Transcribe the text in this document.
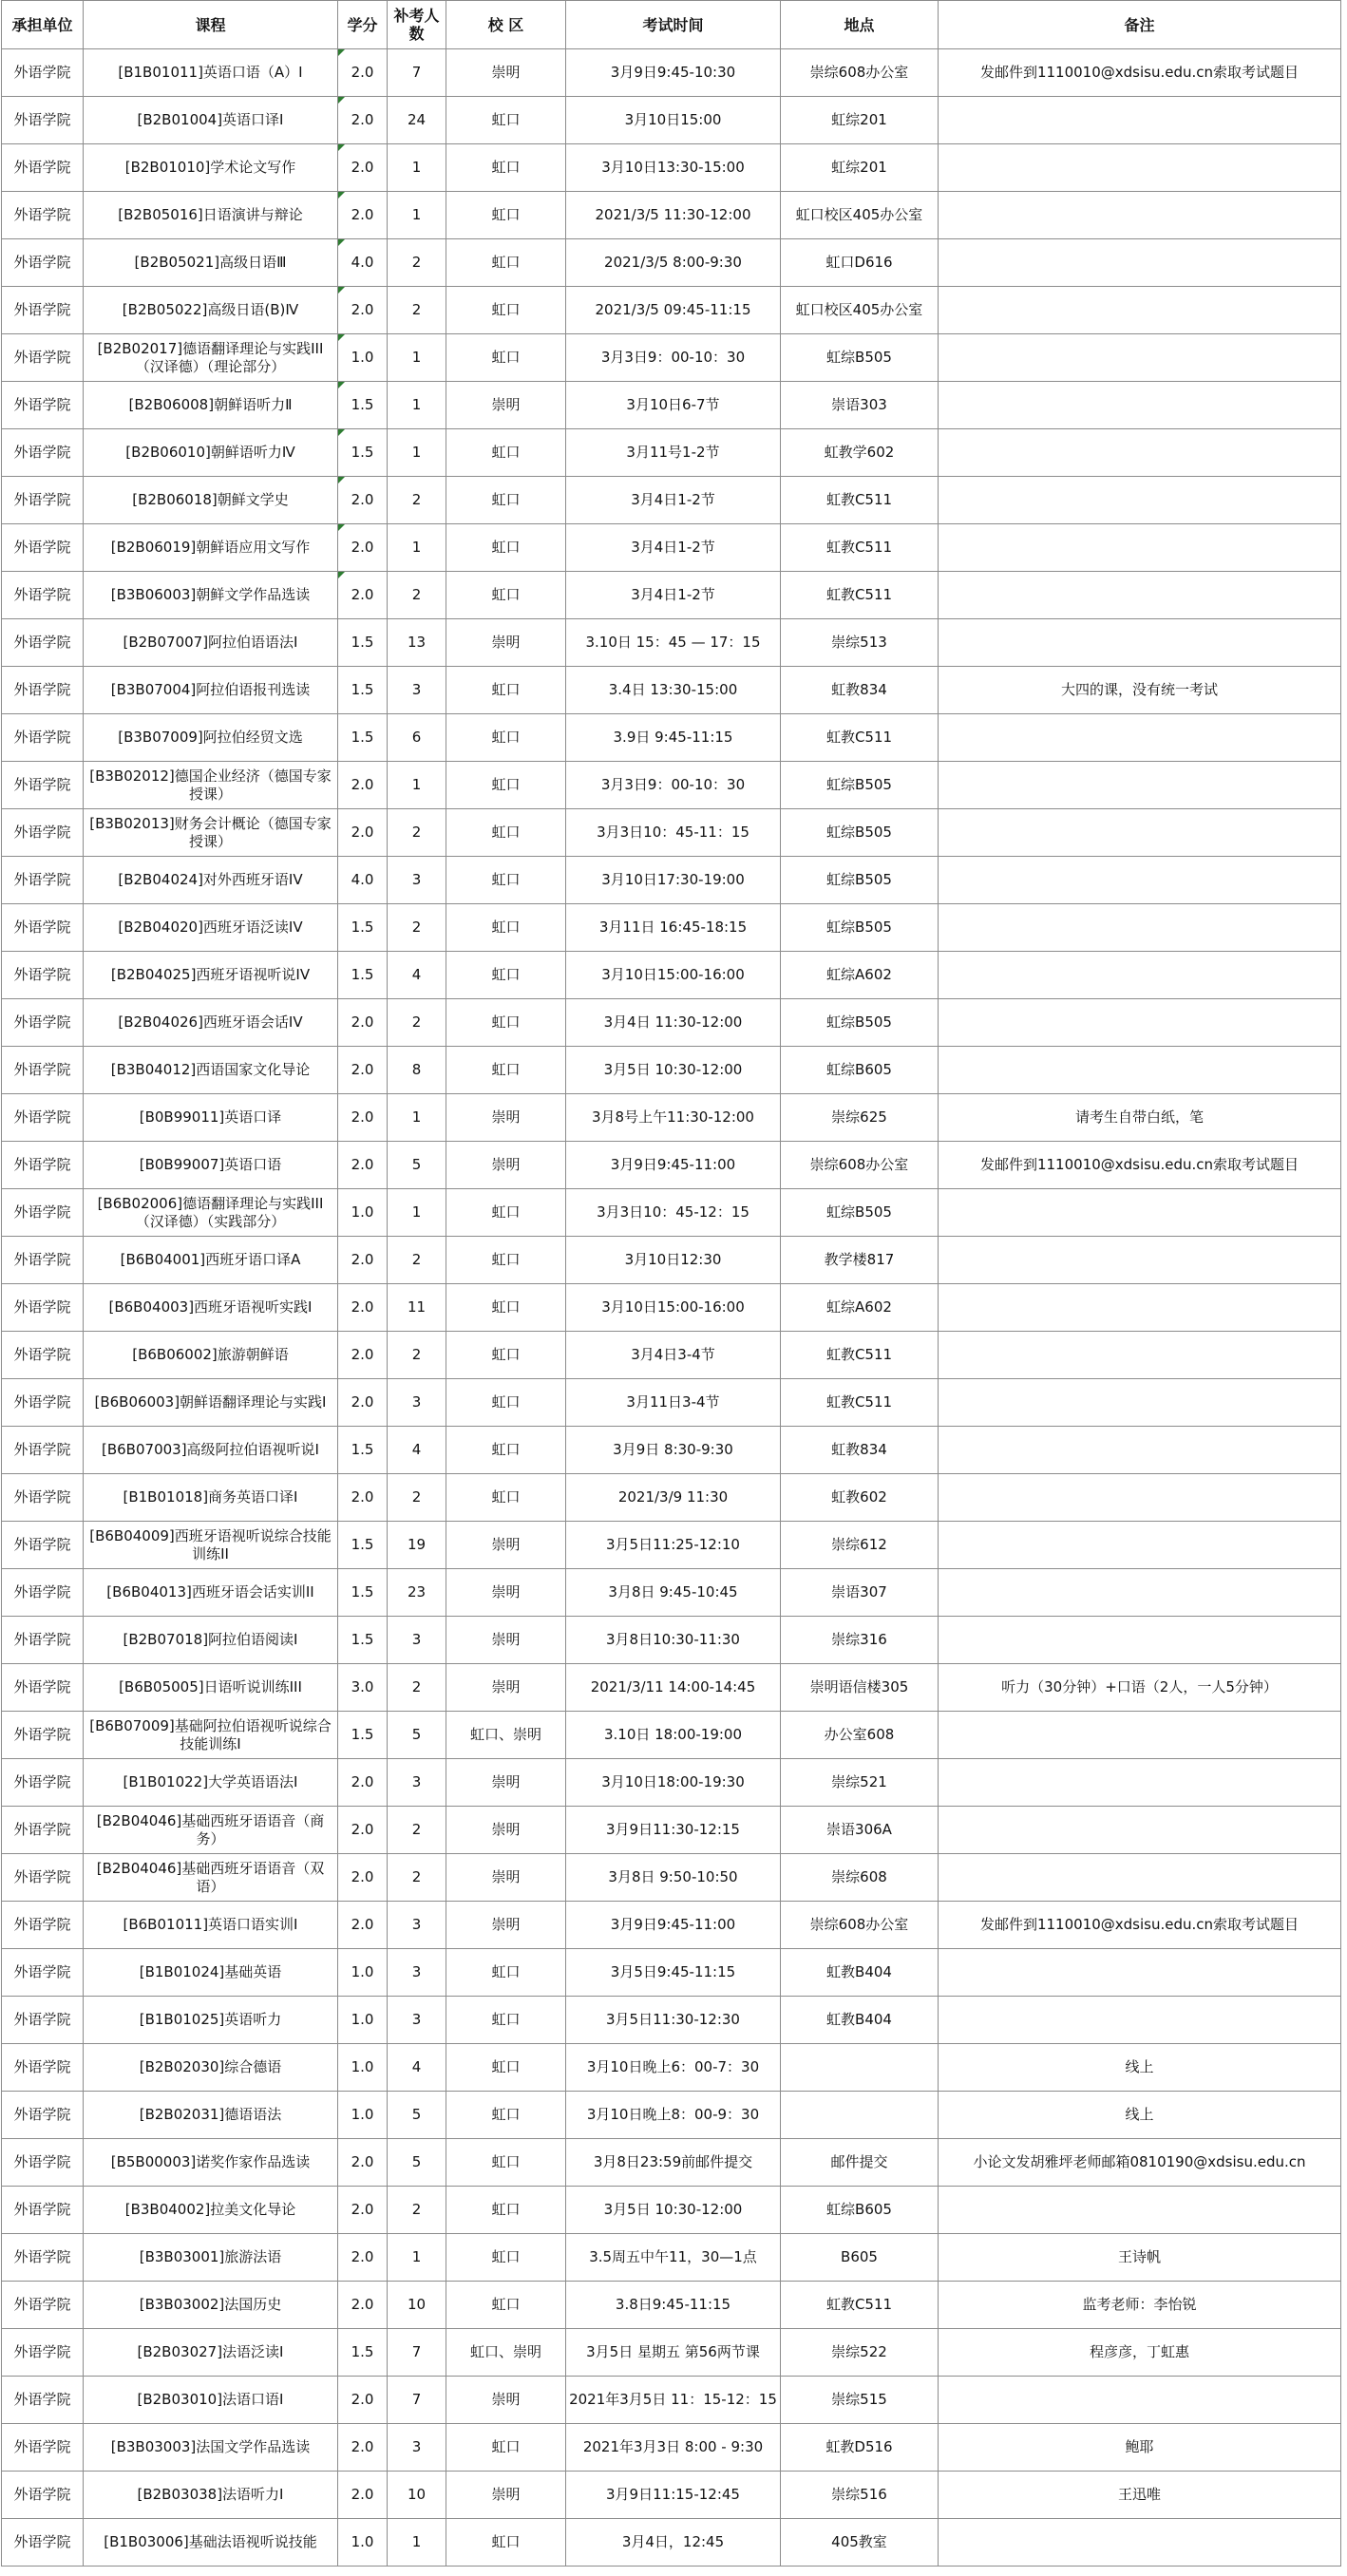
承担单位	课程	学分	补考人数	校 区	考试时间	地点	备注
外语学院	[B1B01011]英语口语（A）I	2.0	7	崇明	3月9日9:45-10:30	崇综608办公室	发邮件到1110010@xdsisu.edu.cn索取考试题目
外语学院	[B2B01004]英语口译I	2.0	24	虹口	3月10日15:00	虹综201	
外语学院	[B2B01010]学术论文写作	2.0	1	虹口	3月10日13:30-15:00	虹综201	
外语学院	[B2B05016]日语演讲与辩论	2.0	1	虹口	2021/3/5 11:30-12:00	虹口校区405办公室	
外语学院	[B2B05021]高级日语Ⅲ	4.0	2	虹口	2021/3/5 8:00-9:30	虹口D616	
外语学院	[B2B05022]高级日语(B)Ⅳ	2.0	2	虹口	2021/3/5 09:45-11:15	虹口校区405办公室	
外语学院	[B2B02017]德语翻译理论与实践III（汉译德）（理论部分）	1.0	1	虹口	3月3日9：00-10：30	虹综B505	
外语学院	[B2B06008]朝鲜语听力Ⅱ	1.5	1	崇明	3月10日6-7节	崇语303	
外语学院	[B2B06010]朝鲜语听力Ⅳ	1.5	1	虹口	3月11号1-2节	虹教学602	
外语学院	[B2B06018]朝鲜文学史	2.0	2	虹口	3月4日1-2节	虹教C511	
外语学院	[B2B06019]朝鲜语应用文写作	2.0	1	虹口	3月4日1-2节	虹教C511	
外语学院	[B3B06003]朝鲜文学作品选读	2.0	2	虹口	3月4日1-2节	虹教C511	
外语学院	[B2B07007]阿拉伯语语法Ⅰ	1.5	13	崇明	3.10日 15：45 — 17：15	崇综513	
外语学院	[B3B07004]阿拉伯语报刊选读	1.5	3	虹口	3.4日 13:30-15:00	虹教834	大四的课，没有统一考试
外语学院	[B3B07009]阿拉伯经贸文选	1.5	6	虹口	3.9日 9:45-11:15	虹教C511	
外语学院	[B3B02012]德国企业经济（德国专家授课）	2.0	1	虹口	3月3日9：00-10：30	虹综B505	
外语学院	[B3B02013]财务会计概论（德国专家授课）	2.0	2	虹口	3月3日10：45-11：15	虹综B505	
外语学院	[B2B04024]对外西班牙语IV	4.0	3	虹口	3月10日17:30-19:00	虹综B505	
外语学院	[B2B04020]西班牙语泛读IV	1.5	2	虹口	3月11日 16:45-18:15	虹综B505	
外语学院	[B2B04025]西班牙语视听说IV	1.5	4	虹口	3月10日15:00-16:00	虹综A602	
外语学院	[B2B04026]西班牙语会话IV	2.0	2	虹口	3月4日 11:30-12:00	虹综B505	
外语学院	[B3B04012]西语国家文化导论	2.0	8	虹口	3月5日 10:30-12:00	虹综B605	
外语学院	[B0B99011]英语口译	2.0	1	崇明	3月8号上午11:30-12:00	崇综625	请考生自带白纸，笔
外语学院	[B0B99007]英语口语	2.0	5	崇明	3月9日9:45-11:00	崇综608办公室	发邮件到1110010@xdsisu.edu.cn索取考试题目
外语学院	[B6B02006]德语翻译理论与实践III（汉译德）（实践部分）	1.0	1	虹口	3月3日10：45-12：15	虹综B505	
外语学院	[B6B04001]西班牙语口译A	2.0	2	虹口	3月10日12:30	教学楼817	
外语学院	[B6B04003]西班牙语视听实践I	2.0	11	虹口	3月10日15:00-16:00	虹综A602	
外语学院	[B6B06002]旅游朝鲜语	2.0	2	虹口	3月4日3-4节	虹教C511	
外语学院	[B6B06003]朝鲜语翻译理论与实践Ⅰ	2.0	3	虹口	3月11日3-4节	虹教C511	
外语学院	[B6B07003]高级阿拉伯语视听说I	1.5	4	虹口	3月9日 8:30-9:30	虹教834	
外语学院	[B1B01018]商务英语口译I	2.0	2	虹口	2021/3/9 11:30	虹教602	
外语学院	[B6B04009]西班牙语视听说综合技能训练II	1.5	19	崇明	3月5日11:25-12:10	崇综612	
外语学院	[B6B04013]西班牙语会话实训II	1.5	23	崇明	3月8日 9:45-10:45	崇语307	
外语学院	[B2B07018]阿拉伯语阅读I	1.5	3	崇明	3月8日10:30-11:30	崇综316	
外语学院	[B6B05005]日语听说训练III	3.0	2	崇明	2021/3/11 14:00-14:45	崇明语信楼305	听力（30分钟）+口语（2人，一人5分钟）
外语学院	[B6B07009]基础阿拉伯语视听说综合技能训练I	1.5	5	虹口、崇明	3.10日 18:00-19:00	办公室608	
外语学院	[B1B01022]大学英语语法I	2.0	3	崇明	3月10日18:00-19:30	崇综521	
外语学院	[B2B04046]基础西班牙语语音（商务）	2.0	2	崇明	3月9日11:30-12:15	崇语306A	
外语学院	[B2B04046]基础西班牙语语音（双语）	2.0	2	崇明	3月8日 9:50-10:50	崇综608	
外语学院	[B6B01011]英语口语实训I	2.0	3	崇明	3月9日9:45-11:00	崇综608办公室	发邮件到1110010@xdsisu.edu.cn索取考试题目
外语学院	[B1B01024]基础英语	1.0	3	虹口	3月5日9:45-11:15	虹教B404	
外语学院	[B1B01025]英语听力	1.0	3	虹口	3月5日11:30-12:30	虹教B404	
外语学院	[B2B02030]综合德语	1.0	4	虹口	3月10日晚上6：00-7：30		线上
外语学院	[B2B02031]德语语法	1.0	5	虹口	3月10日晚上8：00-9：30		线上
外语学院	[B5B00003]诺奖作家作品选读	2.0	5	虹口	3月8日23:59前邮件提交	邮件提交	小论文发胡雅坪老师邮箱0810190@xdsisu.edu.cn
外语学院	[B3B04002]拉美文化导论	2.0	2	虹口	3月5日 10:30-12:00	虹综B605	
外语学院	[B3B03001]旅游法语	2.0	1	虹口	3.5周五中午11，30—1点	B605	王诗帆
外语学院	[B3B03002]法国历史	2.0	10	虹口	3.8日9:45-11:15	虹教C511	监考老师：李怡锐
外语学院	[B2B03027]法语泛读Ⅰ	1.5	7	虹口、崇明	3月5日 星期五 第56两节课	崇综522	程彦彦，丁虹惠
外语学院	[B2B03010]法语口语Ⅰ	2.0	7	崇明	2021年3月5日 11：15-12：15	崇综515	
外语学院	[B3B03003]法国文学作品选读	2.0	3	虹口	2021年3月3日 8:00 - 9:30	虹教D516	鲍耶
外语学院	[B2B03038]法语听力I	2.0	10	崇明	3月9日11:15-12:45	崇综516	王迅唯
外语学院	[B1B03006]基础法语视听说技能	1.0	1	虹口	3月4日，12:45	405教室	
